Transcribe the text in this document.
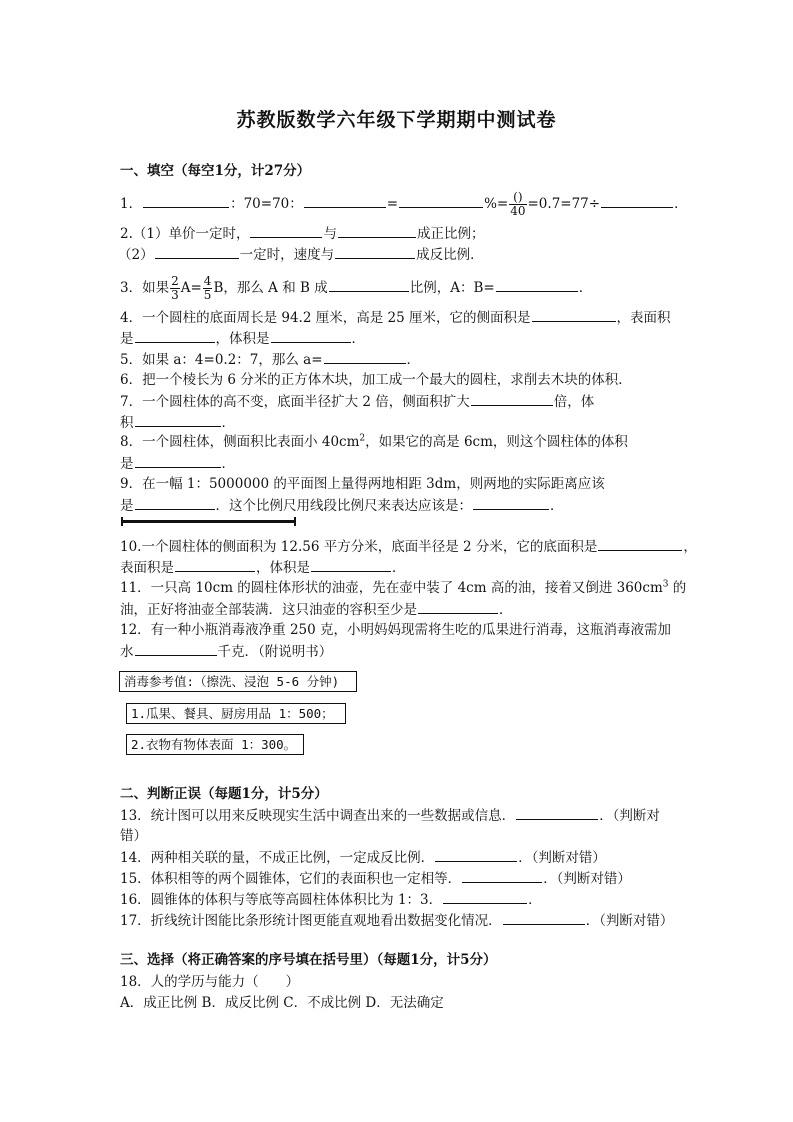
苏教版数学六年级下学期期中测试卷
一、填空（每空1分，计27分）
1．	：70=70：	=	%= $\frac{()}{40} =0.7=77\div$	．
2.（1）单价一定时，	与	成正比例；
（2）	一定时，速度与	成反比例．
3．如果 $\frac{2}{3} A= \frac{4}{5}$ B，那么 A 和 B 成	比例，A：B=	．
4．一个圆柱的底面周长是 94.2 厘米，高是 25 厘米，它的侧面积是	，表面积
是	，体积是	．
5．如果 a：4=0.2：7，那么 a=	．
6．把一个棱长为 6 分米的正方体木块，加工成一个最大的圆柱，求削去木块的体积．
7．一个圆柱体的高不变，底面半径扩大 2 倍，侧面积扩大	倍，体
积	．
8．一个圆柱体，侧面积比表面小 $40cm^2$，如果它的高是 6cm，则这个圆柱体的体积
是	．
9．在一幅 1：5000000 的平面图上量得两地相距 3dm，则两地的实际距离应该
是	．这个比例尺用线段比例尺来表达应该是：	．
10.一个圆柱体的侧面积为 12.56 平方分米，底面半径是 2 分米，它的底面积是	，
表面积是	，体积是	．
11．一只高 10cm 的圆柱体形状的油壶，先在壶中装了 4cm 高的油，接着又倒进 $360cm^3$ 的
油，正好将油壶全部装满．这只油壶的容积至少是	．
12．有一种小瓶消毒液净重 250 克，小明妈妈现需将生吃的瓜果进行消毒，这瓶消毒液需加
水	千克．（附说明书）
消毒参考值:（擦洗、浸泡 5-6 分钟)
1.瓜果、餐具、厨房用品 1：500；
2.衣物有物体表面 1：300。
二、判断正误（每题1分，计5分）
13．统计图可以用来反映现实生活中调查出来的一些数据或信息．	．（判断对
错）
14．两种相关联的量，不成正比例，一定成反比例．	．（判断对错）
15．体积相等的两个圆锥体，它们的表面积也一定相等．	．（判断对错）
16．圆锥体的体积与等底等高圆柱体体积比为 1：3．	．
17．折线统计图能比条形统计图更能直观地看出数据变化情况．	．（判断对错）
三、选择（将正确答案的序号填在括号里）（每题1分，计5分）
18．人的学历与能力（　　）
A．成正比例 B．成反比例 C．不成比例 D．无法确定
